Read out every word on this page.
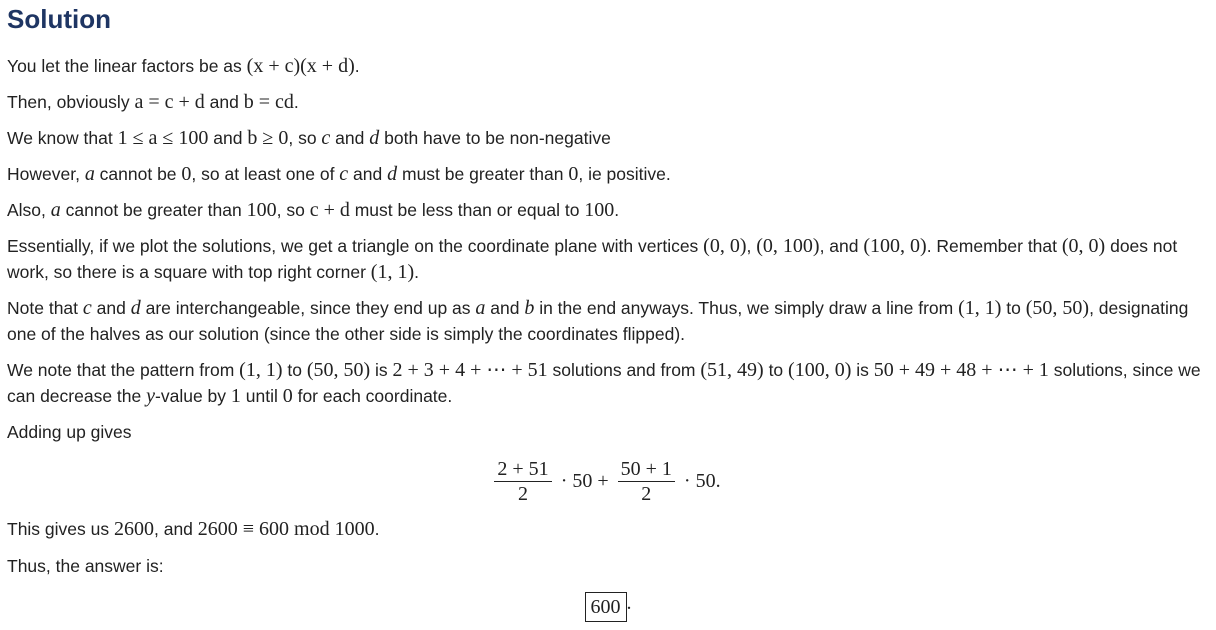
Solution
You let the linear factors be as (x + c)(x + d).
Then, obviously a = c + d and b = cd.
We know that 1 ≤ a ≤ 100 and b ≥ 0, so c and d both have to be non-negative
However, a cannot be 0, so at least one of c and d must be greater than 0, ie positive.
Also, a cannot be greater than 100, so c + d must be less than or equal to 100.
Essentially, if we plot the solutions, we get a triangle on the coordinate plane with vertices (0, 0), (0, 100), and (100, 0). Remember that (0, 0) does not work, so there is a square with top right corner (1, 1).
Note that c and d are interchangeable, since they end up as a and b in the end anyways. Thus, we simply draw a line from (1, 1) to (50, 50), designating one of the halves as our solution (since the other side is simply the coordinates flipped).
We note that the pattern from (1, 1) to (50, 50) is 2 + 3 + 4 + ⋯ + 51 solutions and from (51, 49) to (100, 0) is 50 + 49 + 48 + ⋯ + 1 solutions, since we can decrease the y-value by 1 until 0 for each coordinate.
Adding up gives
$\frac{2 + 51}{2} \cdot 50 + \frac{50 + 1}{2} \cdot 50$.
This gives us 2600, and 2600 ≡ 600 mod 1000.
Thus, the answer is:
600 .
